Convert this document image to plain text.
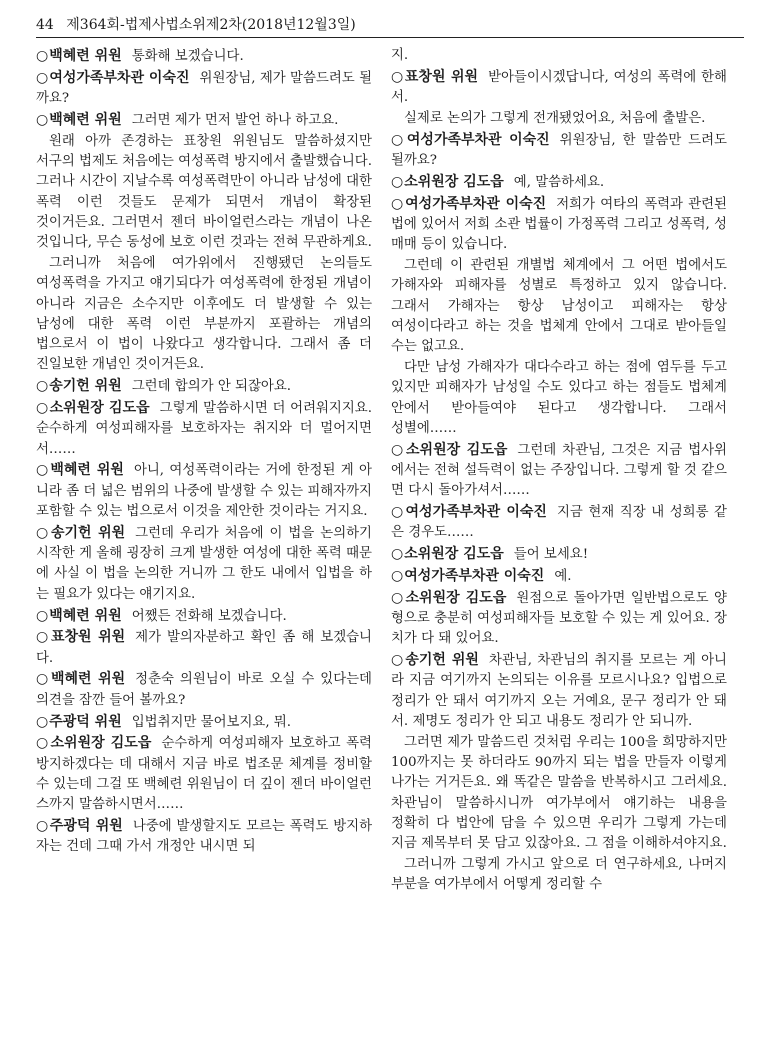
44 제364회-법제사법소위제2차(2018년12월3일)

○ 백혜련 위원 통화해 보겠습니다.

○ 여성가족부차관 이숙진 위원장님, 제가 말씀드려도 될까요?

○ 백혜련 위원 그러면 제가 먼저 발언 하나 하고요.

원래 아까 존경하는 표창원 위원님도 말씀하셨지만 서구의 법제도 처음에는 여성폭력 방지에서 출발했습니다. 그러나 시간이 지날수록 여성폭력만이 아니라 남성에 대한 폭력 이런 것들도 문제가 되면서 개념이 확장된 것이거든요. 그러면서 젠더 바이얼런스라는 개념이 나온 것입니다, 무슨 동성에 보호 이런 것과는 전혀 무관하게요.

그러니까 처음에 여가위에서 진행됐던 논의들도 여성폭력을 가지고 얘기되다가 여성폭력에 한정된 개념이 아니라 지금은 소수지만 이후에도 더 발생할 수 있는 남성에 대한 폭력 이런 부분까지 포괄하는 개념의 법으로서 이 법이 나왔다고 생각합니다. 그래서 좀 더 진일보한 개념인 것이거든요.

○ 송기헌 위원 그런데 합의가 안 되잖아요.

○ 소위원장 김도읍 그렇게 말씀하시면 더 어려워지지요. 순수하게 여성피해자를 보호하자는 취지와 더 멀어지면서……

○ 백혜련 위원 아니, 여성폭력이라는 거에 한정된 게 아니라 좀 더 넓은 범위의 나중에 발생할 수 있는 피해자까지 포함할 수 있는 법으로서 이것을 제안한 것이라는 거지요.

○ 송기헌 위원 그런데 우리가 처음에 이 법을 논의하기 시작한 게 올해 굉장히 크게 발생한 여성에 대한 폭력 때문에 사실 이 법을 논의한 거니까 그 한도 내에서 입법을 하는 필요가 있다는 얘기지요.

○ 백혜련 위원 어쨌든 전화해 보겠습니다.

○ 표창원 위원 제가 발의자분하고 확인 좀 해 보겠습니다.

○ 백혜련 위원 정춘숙 의원님이 바로 오실 수 있다는데 의견을 잠깐 들어 볼까요?

○ 주광덕 위원 입법취지만 물어보지요, 뭐.

○ 소위원장 김도읍 순수하게 여성피해자 보호하고 폭력방지하겠다는 데 대해서 지금 바로 법조문 체계를 정비할 수 있는데 그걸 또 백혜련 위원님이 더 깊이 젠더 바이얼런스까지 말씀하시면서……

○ 주광덕 위원 나중에 발생할지도 모르는 폭력도 방지하자는 건데 그때 가서 개정안 내시면 되

지.

○ 표창원 위원 받아들이시겠답니다, 여성의 폭력에 한해서.

실제로 논의가 그렇게 전개됐었어요, 처음에 출발은.

○ 여성가족부차관 이숙진 위원장님, 한 말씀만 드려도 될까요?

○ 소위원장 김도읍 예, 말씀하세요.

○ 여성가족부차관 이숙진 저희가 여타의 폭력과 관련된 법에 있어서 저희 소관 법률이 가정폭력 그리고 성폭력, 성매매 등이 있습니다.

그런데 이 관련된 개별법 체계에서 그 어떤 법에서도 가해자와 피해자를 성별로 특정하고 있지 않습니다. 그래서 가해자는 항상 남성이고 피해자는 항상 여성이다라고 하는 것을 법체계 안에서 그대로 받아들일 수는 없고요.

다만 남성 가해자가 대다수라고 하는 점에 염두를 두고 있지만 피해자가 남성일 수도 있다고 하는 점들도 법체계 안에서 받아들여야 된다고 생각합니다. 그래서 성별에……

○ 소위원장 김도읍 그런데 차관님, 그것은 지금 법사위에서는 전혀 설득력이 없는 주장입니다. 그렇게 할 것 같으면 다시 돌아가셔서……

○ 여성가족부차관 이숙진 지금 현재 직장 내 성희롱 같은 경우도……

○ 소위원장 김도읍 들어 보세요!

○ 여성가족부차관 이숙진 예.

○ 소위원장 김도읍 원점으로 돌아가면 일반법으로도 양형으로 충분히 여성피해자들 보호할 수 있는 게 있어요. 장치가 다 돼 있어요.

○ 송기헌 위원 차관님, 차관님의 취지를 모르는 게 아니라 지금 여기까지 논의되는 이유를 모르시나요? 입법으로 정리가 안 돼서 여기까지 오는 거예요, 문구 정리가 안 돼서. 제명도 정리가 안 되고 내용도 정리가 안 되니까.

그러면 제가 말씀드린 것처럼 우리는 100을 희망하지만 100까지는 못 하더라도 90까지 되는 법을 만들자 이렇게 나가는 거거든요. 왜 똑같은 말씀을 반복하시고 그러세요. 차관님이 말씀하시니까 여가부에서 얘기하는 내용을 정확히 다 법안에 담을 수 있으면 우리가 그렇게 가는데 지금 제목부터 못 담고 있잖아요. 그 점을 이해하셔야지요.

그러니까 그렇게 가시고 앞으로 더 연구하세요, 나머지 부분을 여가부에서 어떻게 정리할 수
